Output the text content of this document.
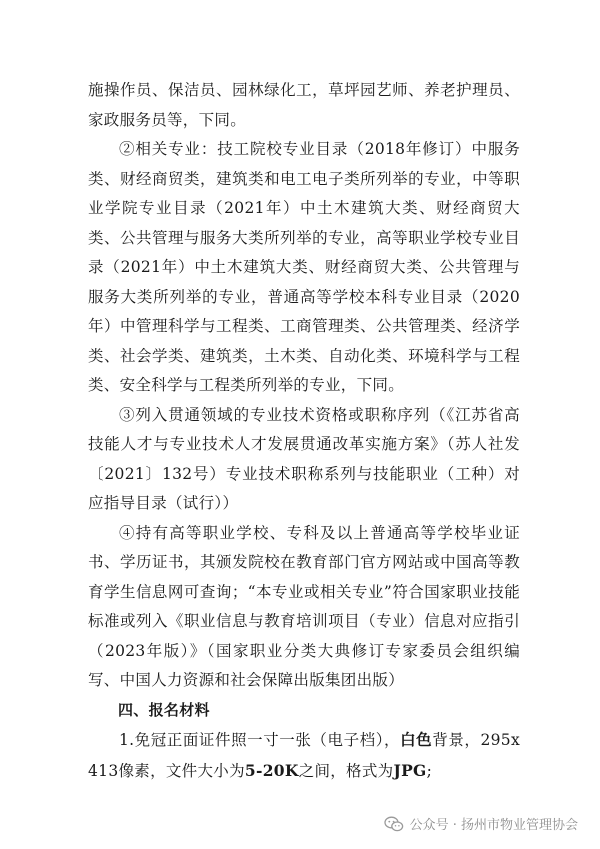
施操作员、保洁员、园林绿化工，草坪园艺师、养老护理员、家政服务员等，下同。

②相关专业：技工院校专业目录（2018年修订）中服务类、财经商贸类，建筑类和电工电子类所列举的专业，中等职业学院专业目录（2021年）中土木建筑大类、财经商贸大类、公共管理与服务大类所列举的专业，高等职业学校专业目录（2021年）中土木建筑大类、财经商贸大类、公共管理与服务大类所列举的专业，普通高等学校本科专业目录（2020年）中管理科学与工程类、工商管理类、公共管理类、经济学类、社会学类、建筑类，土木类、自动化类、环境科学与工程类、安全科学与工程类所列举的专业，下同。

③列入贯通领域的专业技术资格或职称序列（《江苏省高技能人才与专业技术人才发展贯通改革实施方案》（苏人社发〔2021〕132号）专业技术职称系列与技能职业（工种）对应指导目录（试行））

④持有高等职业学校、专科及以上普通高等学校毕业证书、学历证书，其颁发院校在教育部门官方网站或中国高等教育学生信息网可查询；“本专业或相关专业”符合国家职业技能标准或列入《职业信息与教育培训项目（专业）信息对应指引（2023年版）》（国家职业分类大典修订专家委员会组织编写、中国人力资源和社会保障出版集团出版）

四、报名材料

1.免冠正面证件照一寸一张（电子档），白色背景，295x413像素，文件大小为5-20K之间，格式为JPG;

公众号 · 扬州市物业管理协会
